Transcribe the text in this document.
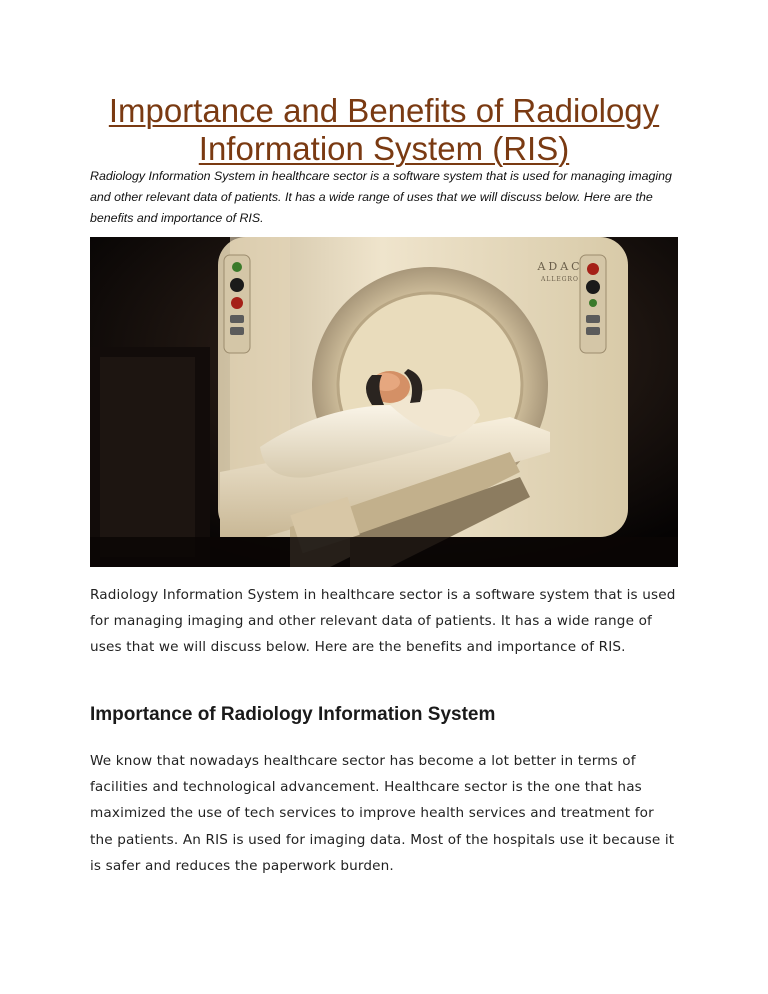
Importance and Benefits of Radiology Information System (RIS)

Radiology Information System in healthcare sector is a software system that is used for managing imaging and other relevant data of patients. It has a wide range of uses that we will discuss below. Here are the benefits and importance of RIS.

ADAC
ALLEGRO

Radiology Information System in healthcare sector is a software system that is used for managing imaging and other relevant data of patients. It has a wide range of uses that we will discuss below. Here are the benefits and importance of RIS.

Importance of Radiology Information System

We know that nowadays healthcare sector has become a lot better in terms of facilities and technological advancement. Healthcare sector is the one that has maximized the use of tech services to improve health services and treatment for the patients. An RIS is used for imaging data. Most of the hospitals use it because it is safer and reduces the paperwork burden.
